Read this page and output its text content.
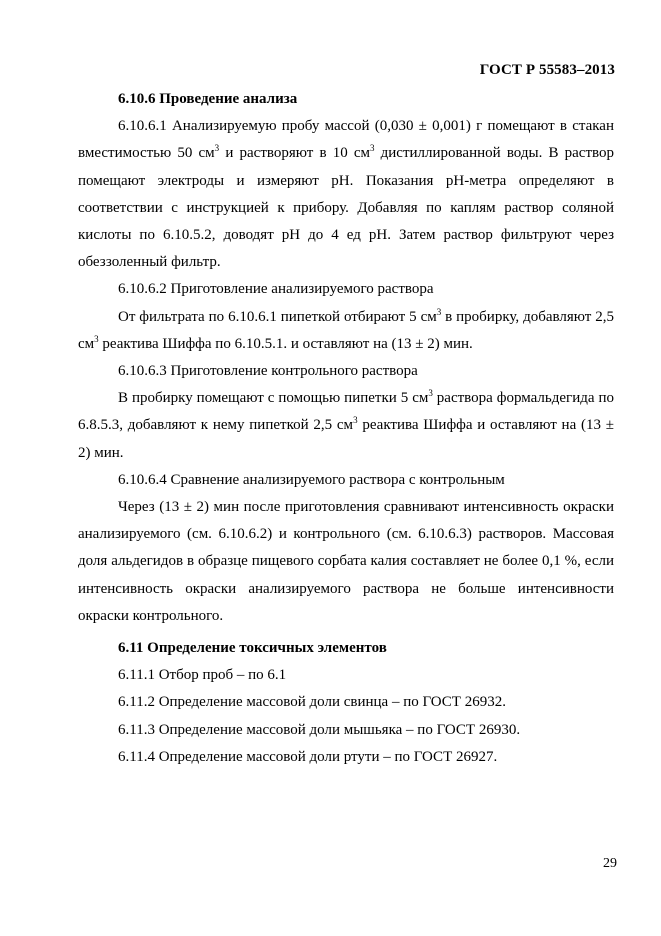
ГОСТ Р 55583–2013

6.10.6 Проведение анализа

6.10.6.1 Анализируемую пробу массой (0,030 ± 0,001) г помещают в стакан вместимостью 50 $см^3$ и растворяют в 10 $см^3$ дистиллированной воды. В раствор помещают электроды и измеряют pH. Показания pH-метра определяют в соответствии с инструкцией к прибору. Добавляя по каплям раствор соляной кислоты по 6.10.5.2, доводят pH до 4 ед pH. Затем раствор фильтруют через обеззоленный фильтр.

6.10.6.2 Приготовление анализируемого раствора

От фильтрата по 6.10.6.1 пипеткой отбирают 5 $см^3$ в пробирку, добавляют 2,5 $см^3$ реактива Шиффа по 6.10.5.1. и оставляют на (13 ± 2) мин.

6.10.6.3 Приготовление контрольного раствора

В пробирку помещают с помощью пипетки 5 $см^3$ раствора формальдегида по 6.8.5.3, добавляют к нему пипеткой 2,5 $см^3$ реактива Шиффа и оставляют на (13 ± 2) мин.

6.10.6.4 Сравнение анализируемого раствора с контрольным

Через (13 ± 2) мин после приготовления сравнивают интенсивность окраски анализируемого (см. 6.10.6.2) и контрольного (см. 6.10.6.3) растворов. Массовая доля альдегидов в образце пищевого сорбата калия составляет не более 0,1 %, если интенсивность окраски анализируемого раствора не больше интенсивности окраски контрольного.

6.11 Определение токсичных элементов

6.11.1 Отбор проб – по 6.1

6.11.2 Определение массовой доли свинца – по ГОСТ 26932.

6.11.3 Определение массовой доли мышьяка – по ГОСТ 26930.

6.11.4 Определение массовой доли ртути – по ГОСТ 26927.

29
